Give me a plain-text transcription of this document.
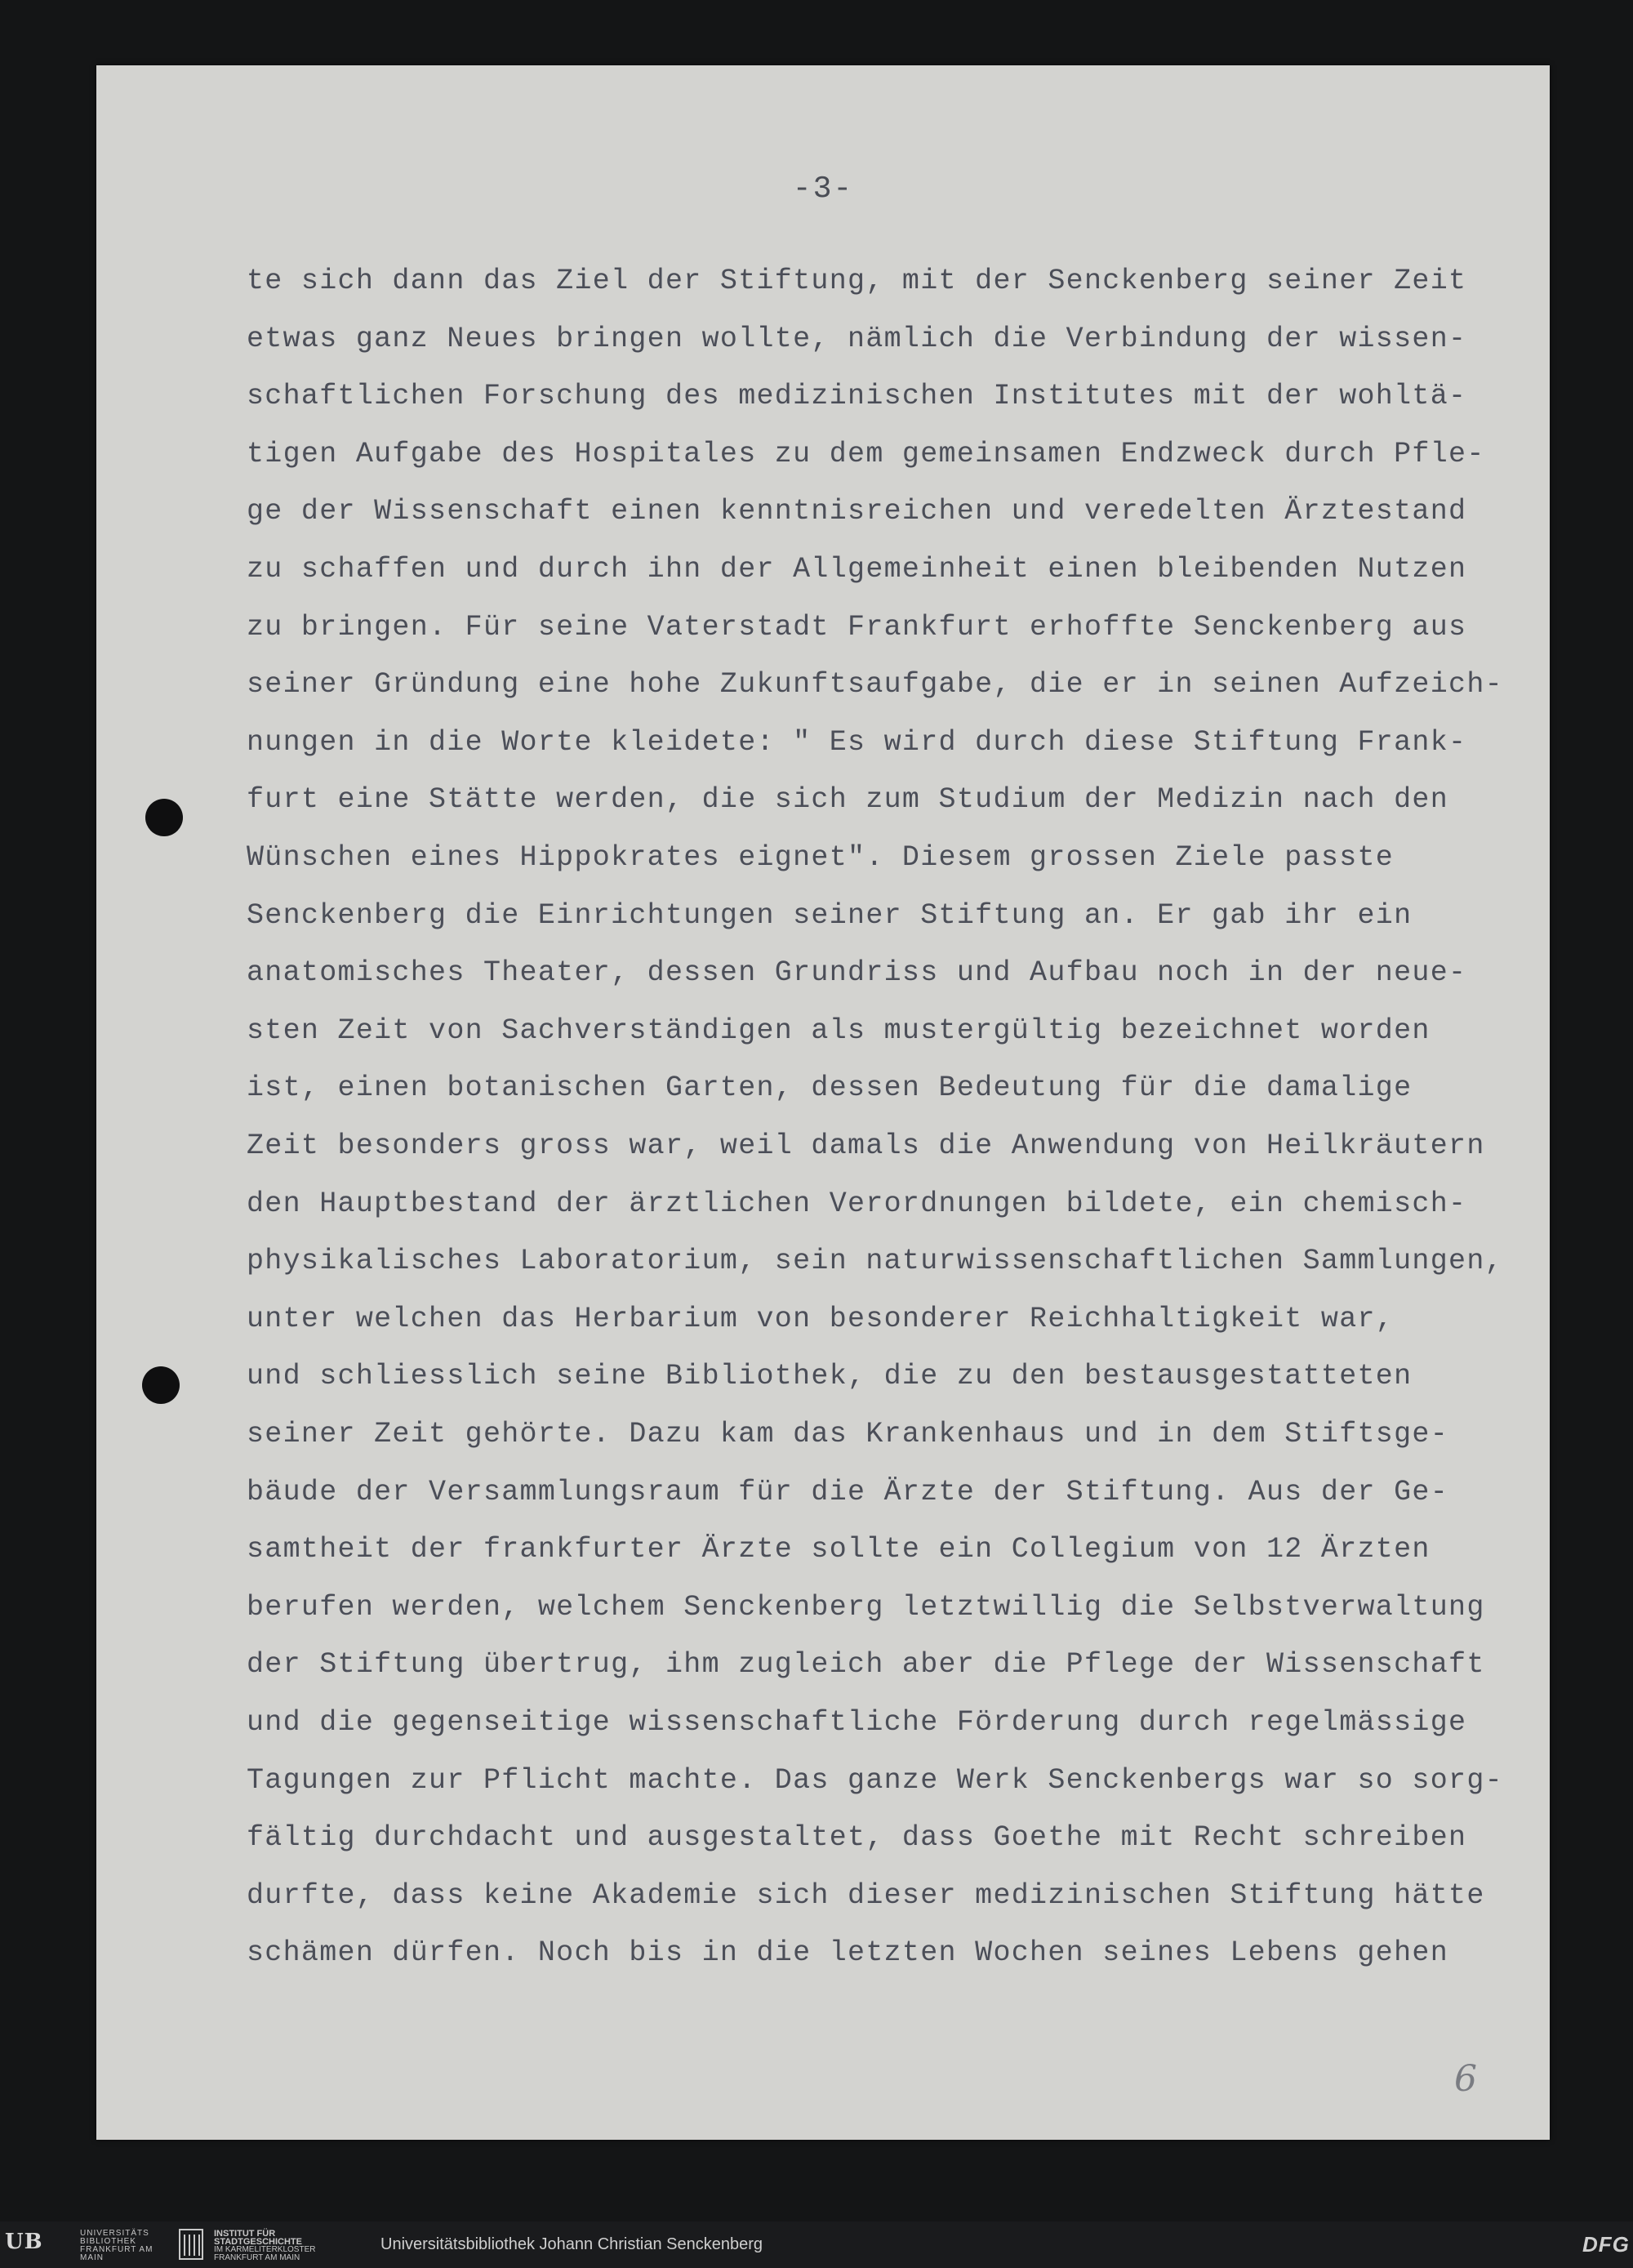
-3-
te sich dann das Ziel der Stiftung, mit der Senckenberg seiner Zeit
etwas ganz Neues bringen wollte, nämlich die Verbindung der wissen-
schaftlichen Forschung des medizinischen Institutes mit der wohltä-
tigen Aufgabe des Hospitales zu dem gemeinsamen Endzweck durch Pfle-
ge der Wissenschaft einen kenntnisreichen und veredelten Ärztestand
zu schaffen und durch ihn der Allgemeinheit einen bleibenden Nutzen
zu bringen. Für seine Vaterstadt Frankfurt erhoffte Senckenberg aus
seiner Gründung eine hohe Zukunftsaufgabe, die er in seinen Aufzeich-
nungen in die Worte kleidete: " Es wird durch diese Stiftung Frank-
furt eine Stätte werden, die sich zum Studium der Medizin nach den
Wünschen eines Hippokrates eignet". Diesem grossen Ziele passte
Senckenberg die Einrichtungen seiner Stiftung an. Er gab ihr ein
anatomisches Theater, dessen Grundriss und Aufbau noch in der neue-
sten Zeit von Sachverständigen als mustergültig bezeichnet worden
ist, einen botanischen Garten, dessen Bedeutung für die damalige
Zeit besonders gross war, weil damals die Anwendung von Heilkräutern
den Hauptbestand der ärztlichen Verordnungen bildete, ein chemisch-
physikalisches Laboratorium, sein naturwissenschaftlichen Sammlungen,
unter welchen das Herbarium von besonderer Reichhaltigkeit war,
und schliesslich seine Bibliothek, die zu den bestausgestatteten
seiner Zeit gehörte. Dazu kam das Krankenhaus und in dem Stiftsge-
bäude der Versammlungsraum für die Ärzte der Stiftung. Aus der Ge-
samtheit der frankfurter Ärzte sollte ein Collegium von 12 Ärzten
berufen werden, welchem Senckenberg letztwillig die Selbstverwaltung
der Stiftung übertrug, ihm zugleich aber die Pflege der Wissenschaft
und die gegenseitige wissenschaftliche Förderung durch regelmässige
Tagungen zur Pflicht machte. Das ganze Werk Senckenbergs war so sorg-
fältig durchdacht und ausgestaltet, dass Goethe mit Recht schreiben
durfte, dass keine Akademie sich dieser medizinischen Stiftung hätte
schämen dürfen. Noch bis in die letzten Wochen seines Lebens gehen
6
UB	UNIVERSITÄTS
BIBLIOTHEK
FRANKFURT AM MAIN
INSTITUT FÜR
STADTGESCHICHTE
IM KARMELITERKLOSTER
FRANKFURT AM MAIN
Universitätsbibliothek Johann Christian Senckenberg	DFG
